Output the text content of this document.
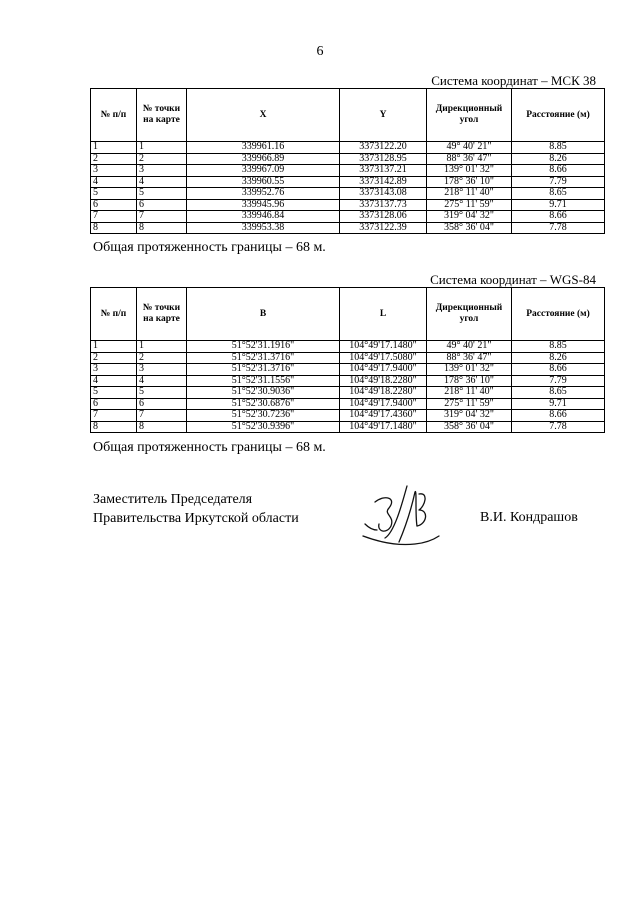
6
Система координат – МСК 38
№ п/п	№ точки на карте	X	Y	Дирекционный угол	Расстояние (м)
1	1	339961.16	3373122.20	49° 40' 21"	8.85
2	2	339966.89	3373128.95	88° 36' 47"	8.26
3	3	339967.09	3373137.21	139° 01' 32"	8.66
4	4	339960.55	3373142.89	178° 36' 10"	7.79
5	5	339952.76	3373143.08	218° 11' 40"	8.65
6	6	339945.96	3373137.73	275° 11' 59"	9.71
7	7	339946.84	3373128.06	319° 04' 32"	8.66
8	8	339953.38	3373122.39	358° 36' 04"	7.78
Общая протяженность границы – 68 м.
Система координат – WGS-84
№ п/п	№ точки на карте	B	L	Дирекционный угол	Расстояние (м)
1	1	51°52'31.1916"	104°49'17.1480"	49° 40' 21"	8.85
2	2	51°52'31.3716"	104°49'17.5080"	88° 36' 47"	8.26
3	3	51°52'31.3716"	104°49'17.9400"	139° 01' 32"	8.66
4	4	51°52'31.1556"	104°49'18.2280"	178° 36' 10"	7.79
5	5	51°52'30.9036"	104°49'18.2280"	218° 11' 40"	8.65
6	6	51°52'30.6876"	104°49'17.9400"	275° 11' 59"	9.71
7	7	51°52'30.7236"	104°49'17.4360"	319° 04' 32"	8.66
8	8	51°52'30.9396"	104°49'17.1480"	358° 36' 04"	7.78
Общая протяженность границы – 68 м.
Заместитель Председателя
Правительства Иркутской области	В.И. Кондрашов
